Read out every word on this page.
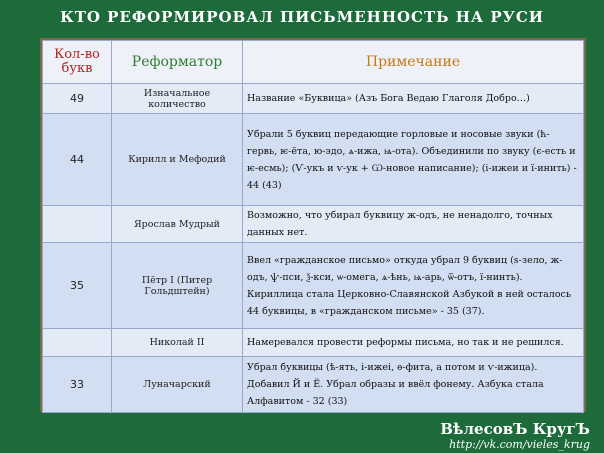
КТО РЕФОРМИРОВАЛ ПИСЬМЕННОСТЬ НА РУСИ
Кол-во
букв	Реформатор	Примечание
49	Изначальное количество	Название «Буквица» (Азъ Бога Ведаю Глаголя Добро…)
44	Кирилл и Мефодий	Убрали 5 буквиц передающие горловые и носовые звуки (ћ-гервь, ѥ-ёта, ю-эдо, ѧ-ижа, ѩ-ота). Объединили по звуку (є-есть и ѥ-есмь); (Ѵ-укъ и ѵ-ук + Ѡ-новое написание); (і-ижеи и ї-инить) - 44 (43)
	Ярослав Мудрый	Возможно, что убирал буквицу ж-одъ, не ненадолго, точных данных нет.
35	Пётр I (Питер Гольдштейн)	Ввел «гражданское письмо» откуда убрал 9 буквиц (ѕ-зело, ж-одъ, ѱ-пси, ѯ-кси, ѡ-омега, ѧ-ѣнь, ѩ-арь, ѿ-отъ, ї-нинть). Кириллица стала Церковно-Славянской Азбукой в ней осталось 44 буквицы, в «гражданском письме» - 35 (37).
	Николай II	Намеревался провести реформы письма, но так и не решился.
33	Луначарский	Убрал буквицы (ѣ-ять, і-ижеі, ѳ-фита, а потом и ѵ-ижица). Добавил Й и Ё. Убрал образы и ввёл фонему. Азбука стала Алфавитом - 32 (33)
ВѣлесовЪ КругЪ
http://vk.com/vieles_krug
